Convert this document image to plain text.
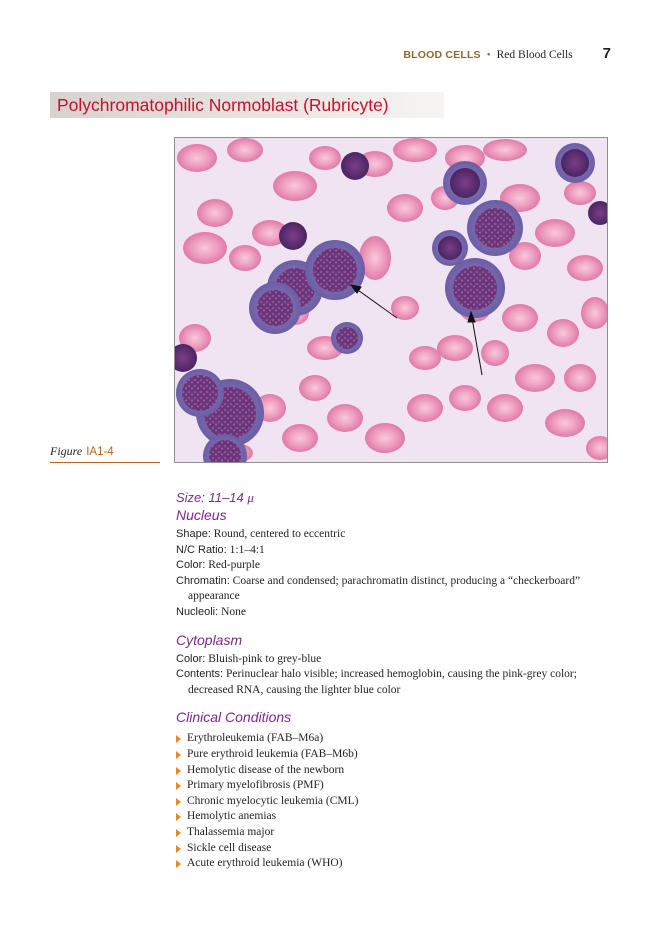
BLOOD CELLS • Red Blood Cells 7
Polychromatophilic Normoblast (Rubricyte)
Figure IA1-4

Size: 11–14 μ

Nucleus

Shape: Round, centered to eccentric

N/C Ratio: 1:1–4:1

Color: Red-purple

Chromatin: Coarse and condensed; parachromatin distinct, producing a “checkerboard” appearance

Nucleoli: None

Cytoplasm

Color: Bluish-pink to grey-blue

Contents: Perinuclear halo visible; increased hemoglobin, causing the pink-grey color; decreased RNA, causing the lighter blue color

Clinical Conditions

Erythroleukemia (FAB–M6a)
Pure erythroid leukemia (FAB–M6b)
Hemolytic disease of the newborn
Primary myelofibrosis (PMF)
Chronic myelocytic leukemia (CML)
Hemolytic anemias
Thalassemia major
Sickle cell disease
Acute erythroid leukemia (WHO)
